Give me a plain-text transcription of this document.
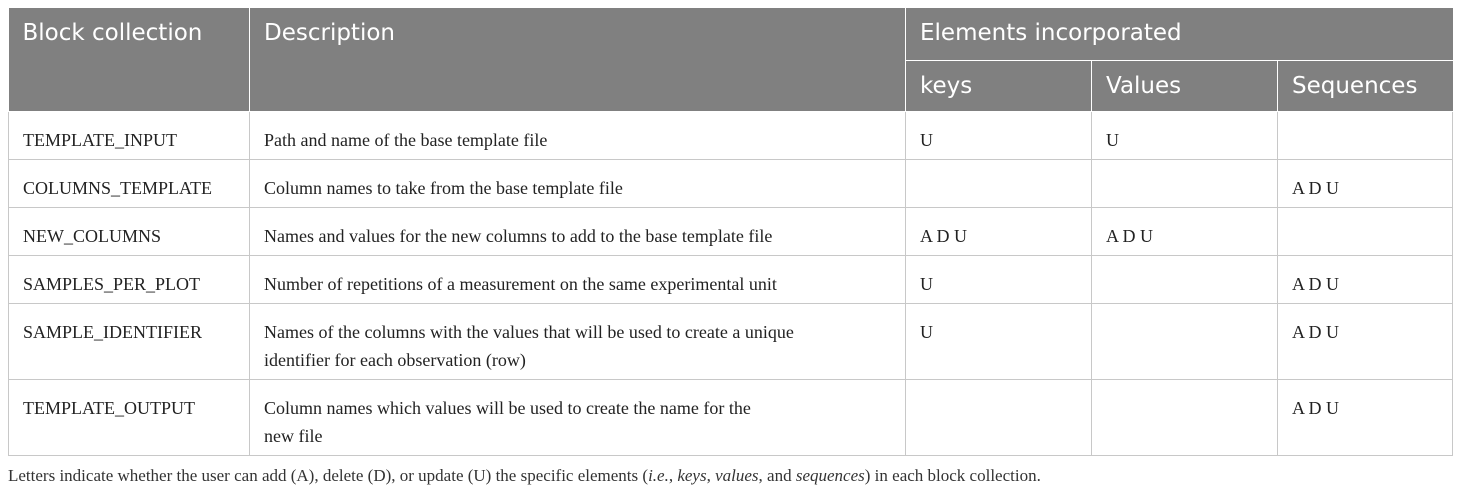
Block collection	Description	Elements incorporated		
		keys	Values	Sequences
TEMPLATE_INPUT	Path and name of the base template file	U	U	
COLUMNS_TEMPLATE	Column names to take from the base template file			A D U
NEW_COLUMNS	Names and values for the new columns to add to the base template file	A D U	A D U	
SAMPLES_PER_PLOT	Number of repetitions of a measurement on the same experimental unit	U		A D U
SAMPLE_IDENTIFIER	Names of the columns with the values that will be used to create a unique
identifier for each observation (row)	U		A D U
TEMPLATE_OUTPUT	Column names which values will be used to create the name for the
new file			A D U
Letters indicate whether the user can add (A), delete (D), or update (U) the specific elements (i.e., keys, values, and sequences) in each block collection.
